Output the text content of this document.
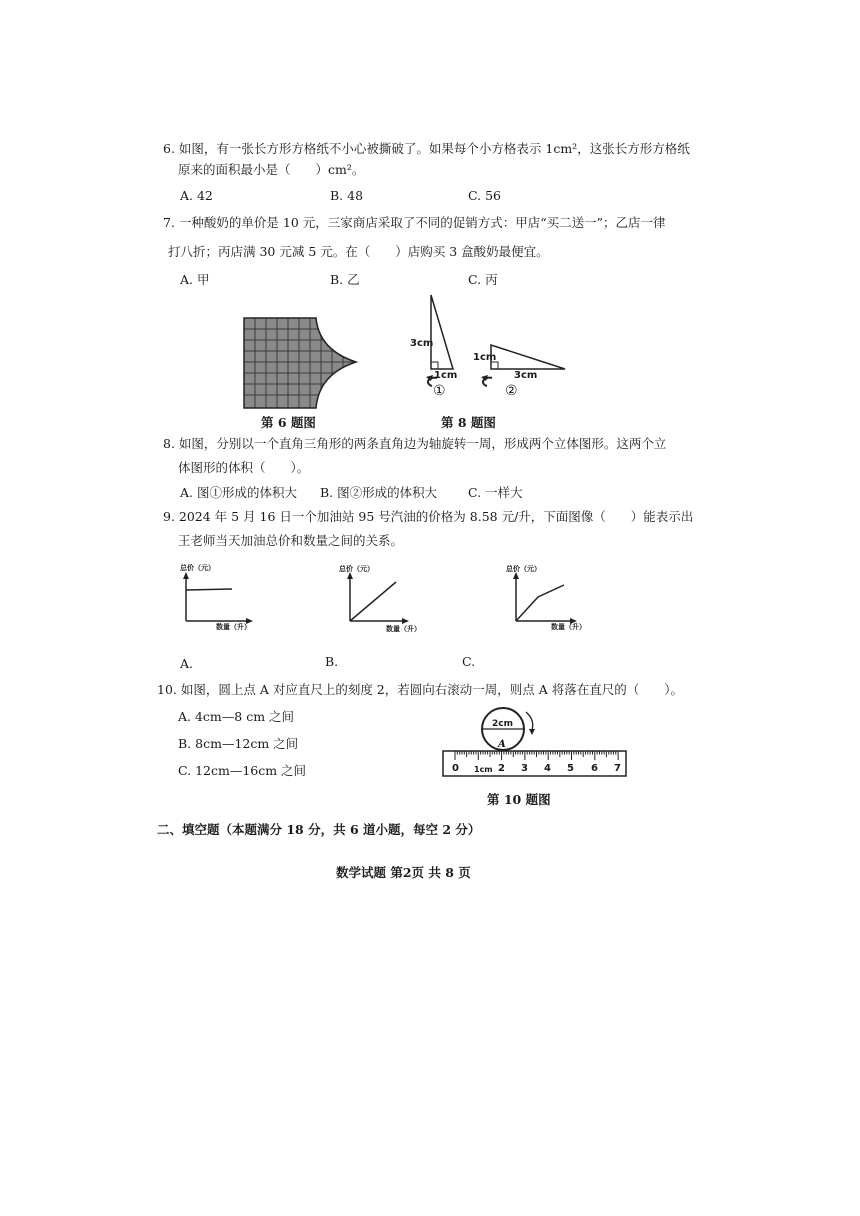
6. 如图，有一张长方形方格纸不小心被撕破了。如果每个小方格表示 1cm²，这张长方形方格纸
原来的面积最小是（　　）cm²。
A. 42	B. 48	C. 56
7. 一种酸奶的单价是 10 元，三家商店采取了不同的促销方式：甲店“买二送一”；乙店一律
打八折；丙店满 30 元减 5 元。在（　　）店购买 3 盒酸奶最便宜。
A. 甲	B. 乙	C. 丙
第 6 题图
3cm
1cm
①
1cm
3cm
②
第 8 题图
8. 如图，分别以一个直角三角形的两条直角边为轴旋转一周，形成两个立体图形。这两个立
体图形的体积（　　）。
A. 图①形成的体积大 B. 图②形成的体积大 C. 一样大
9. 2024 年 5 月 16 日一个加油站 95 号汽油的价格为 8.58 元/升，下面图像（　　）能表示出
王老师当天加油总价和数量之间的关系。
总价（元）
数量（升）
总价（元）
数量（升）
总价（元）
数量（升）
A.	B.	C.
10. 如图，圆上点 A 对应直尺上的刻度 2，若圆向右滚动一周，则点 A 将落在直尺的（　　）。
A. 4cm—8 cm 之间
B. 8cm—12cm 之间
C. 12cm—16cm 之间
2cm
A
0 1cm 2 3 4 5 6 7
第 10 题图
二、填空题（本题满分 18 分，共 6 道小题，每空 2 分）
数学试题 第2页 共 8 页
